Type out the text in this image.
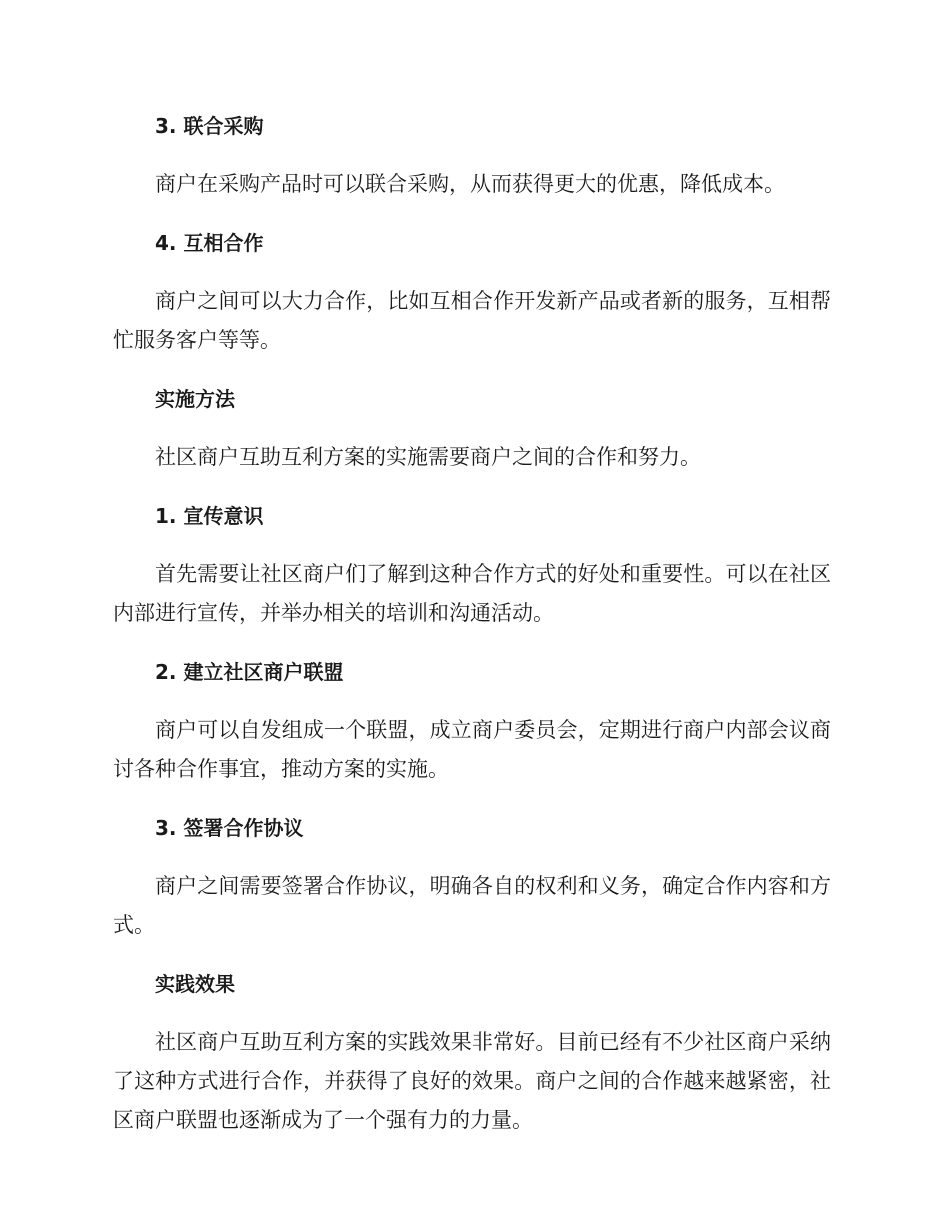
3. 联合采购

商户在采购产品时可以联合采购，从而获得更大的优惠，降低成本。

4. 互相合作

商户之间可以大力合作，比如互相合作开发新产品或者新的服务，互相帮忙服务客户等等。

实施方法

社区商户互助互利方案的实施需要商户之间的合作和努力。

1. 宣传意识

首先需要让社区商户们了解到这种合作方式的好处和重要性。可以在社区内部进行宣传，并举办相关的培训和沟通活动。

2. 建立社区商户联盟

商户可以自发组成一个联盟，成立商户委员会，定期进行商户内部会议商讨各种合作事宜，推动方案的实施。

3. 签署合作协议

商户之间需要签署合作协议，明确各自的权利和义务，确定合作内容和方式。

实践效果

社区商户互助互利方案的实践效果非常好。目前已经有不少社区商户采纳了这种方式进行合作，并获得了良好的效果。商户之间的合作越来越紧密，社区商户联盟也逐渐成为了一个强有力的力量。
